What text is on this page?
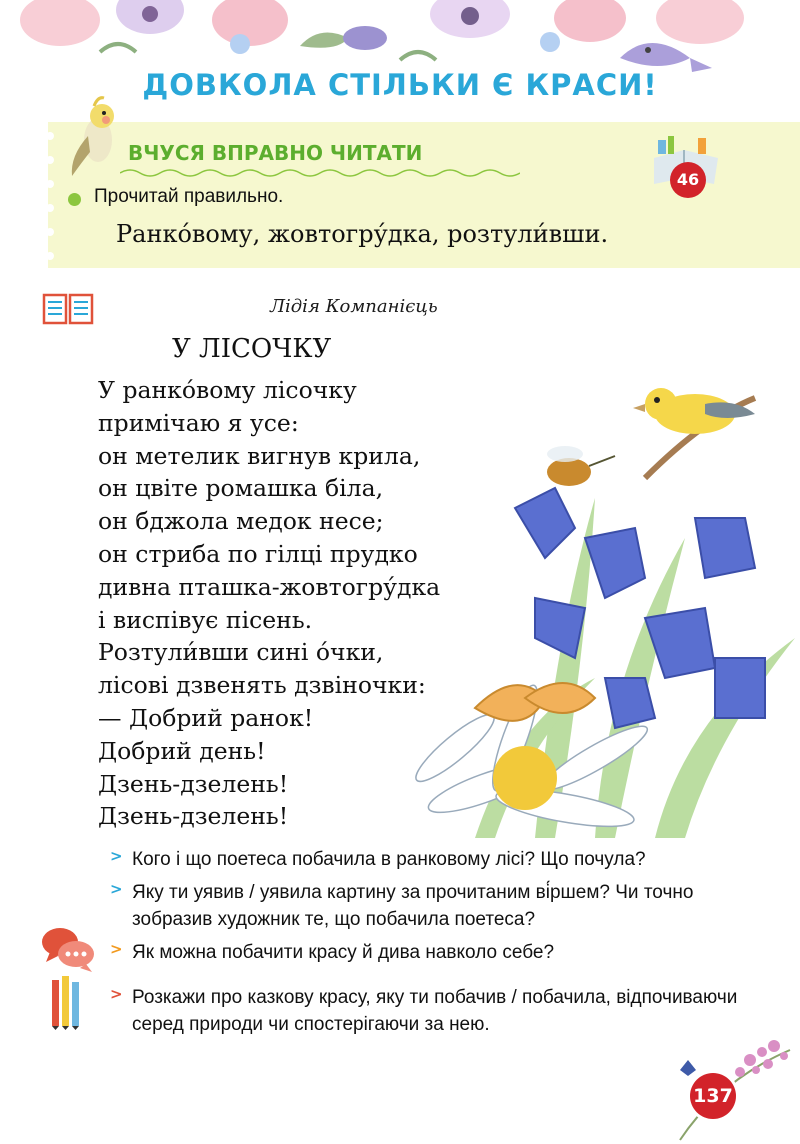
ДОВКОЛА СТІЛЬКИ Є КРАСИ!
ВЧУСЯ ВПРАВНО ЧИТАТИ
46
Прочитай правильно.
Ранко́вому, жовтогру́дка, розтули́вши.
Лідія Компанієць
У ЛІСОЧКУ
У ранко́вому лісочку
примічаю я усе:
он метелик вигнув крила,
он цвіте ромашка біла,
он бджола медок несе;
он стриба по гілці прудко
дивна пташка-жовтогру́дка
і виспівує пісень.
Розтули́вши сині о́чки,
лісові дзвенять дзвіночки:
— Добрий ранок!
Добрий день!
Дзень-дзелень!
Дзень-дзелень!
> Кого і що поетеса побачила в ранковому лісі? Що почула?
> Яку ти уявив / уявила картину за прочитаним ві́ршем? Чи точно зобразив художник те, що побачила поетеса?
> Як можна побачити красу й дива навколо себе?
> Розкажи про казкову красу, яку ти побачив / побачила, відпочиваючи серед природи чи спостерігаючи за нею.
137
